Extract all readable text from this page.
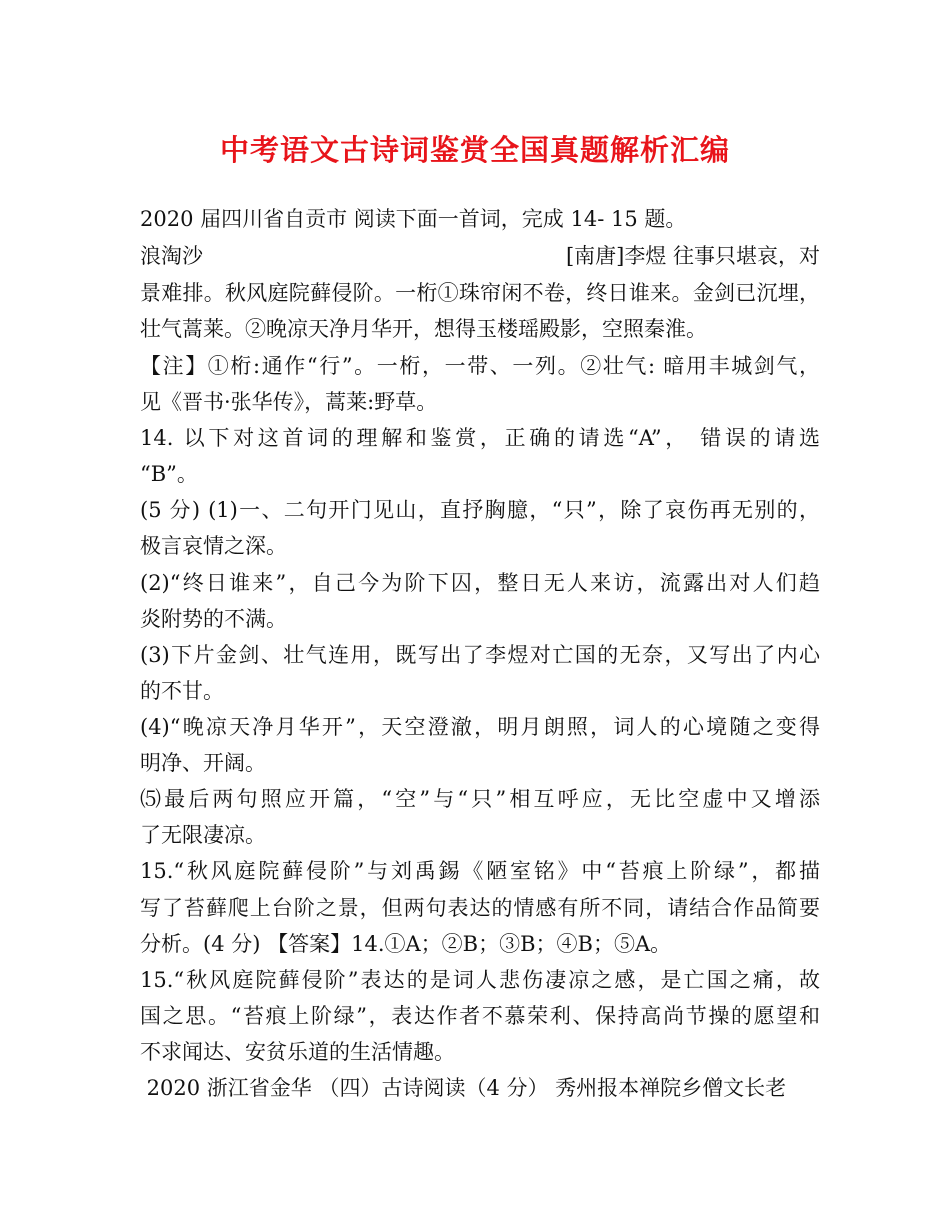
中考语文古诗词鉴赏全国真题解析汇编
2020 届四川省自贡市 阅读下面一首词，完成 14- 15 题。
浪淘沙	[南唐]李煜 往事只堪哀，对
景难排。秋风庭院藓侵阶。一桁①珠帘闲不卷，终日谁来。金剑已沉埋，
壮气蒿莱。②晚凉天净月华开，想得玉楼瑶殿影，空照秦淮。
【注】①桁:通作“行”。一桁，一带、一列。②壮气: 暗用丰城剑气，
见《晋书·张华传》，蒿莱:野草。
14. 以下对这首词的理解和鉴赏，正确的请选“A”， 错误的请选
“B”。
(5 分) (1)一、二句开门见山，直抒胸臆，“只”，除了哀伤再无别的，
极言哀情之深。
(2)“终日谁来”，自己今为阶下囚，整日无人来访，流露出对人们趋
炎附势的不满。
(3)下片金剑、壮气连用，既写出了李煜对亡国的无奈，又写出了内心
的不甘。
(4)“晚凉天净月华开”，天空澄澈，明月朗照，词人的心境随之变得
明净、开阔。
⑸最后两句照应开篇，“空”与“只”相互呼应，无比空虚中又增添
了无限凄凉。
15.“秋风庭院藓侵阶”与刘禹錫《陋室铭》中“苔痕上阶绿”，都描
写了苔藓爬上台阶之景，但两句表达的情感有所不同，请结合作品简要
分析。(4 分) 【答案】14.①A；②B；③B；④B；⑤A。
15.“秋风庭院藓侵阶”表达的是词人悲伤凄凉之感，是亡国之痛，故
国之思。“苔痕上阶绿”，表达作者不慕荣利、保持高尚节操的愿望和
不求闻达、安贫乐道的生活情趣。
2020 浙江省金华 （四）古诗阅读（4 分） 秀州报本禅院乡僧文长老
